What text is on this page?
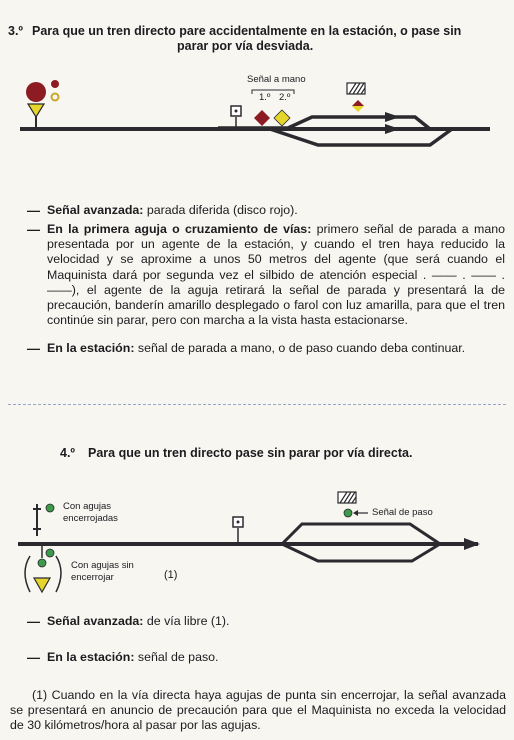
3.º Para que un tren directo pare accidentalmente en la estación, o pase sin
parar por vía desviada.
Señal a mano
1.º 2.º
— Señal avanzada: parada diferida (disco rojo).
— En la primera aguja o cruzamiento de vías: primero señal de parada a mano presentada por un agente de la estación, y cuando el tren haya reducido la velocidad y se aproxime a unos 50 metros del agente (que será cuando el Maquinista dará por segunda vez el silbido de atención especial . —— . —— . ——), el agente de la aguja retirará la señal de parada y presentará la de precaución, banderín amarillo desplegado o farol con luz amarilla, para que el tren continúe sin parar, pero con marcha a la vista hasta estacionarse.
— En la estación: señal de parada a mano, o de paso cuando deba continuar.
4.º Para que un tren directo pase sin parar por vía directa.
Con agujas
encerrojadas
Con agujas sin
encerrojar	(1)
Señal de paso
— Señal avanzada: de vía libre (1).
— En la estación: señal de paso.
(1) Cuando en la vía directa haya agujas de punta sin encerrojar, la señal avanzada se presentará en anuncio de precaución para que el Maquinista no exceda la velocidad de 30 kilómetros/hora al pasar por las agujas.
